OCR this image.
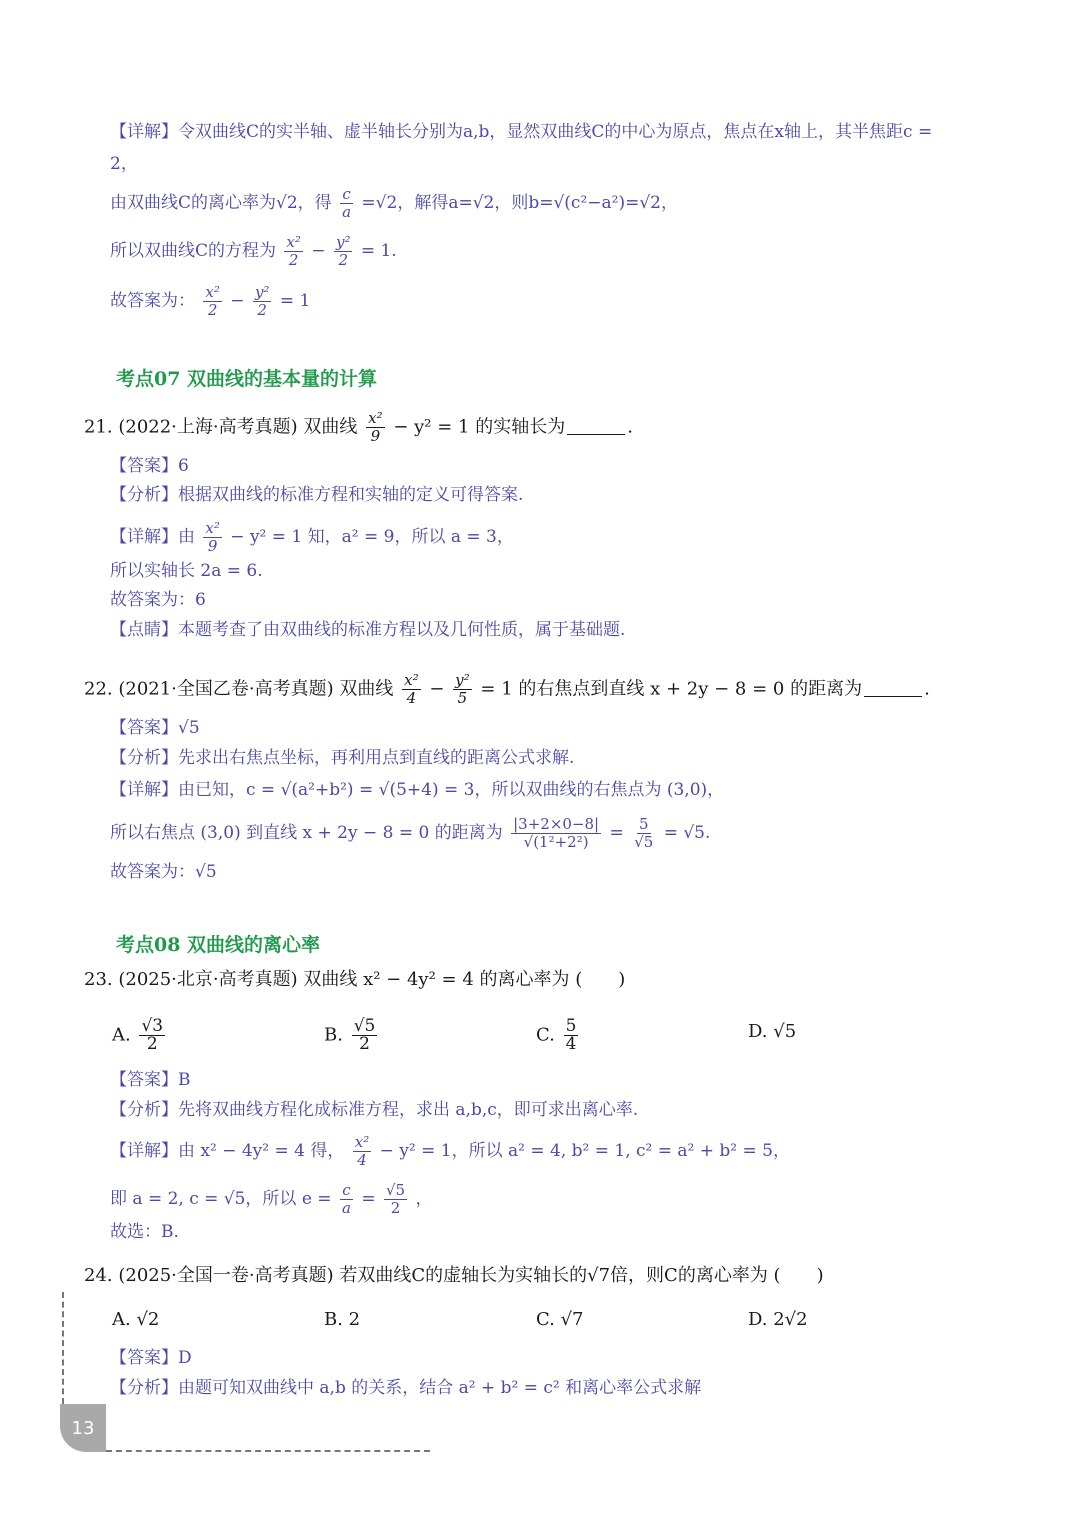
【详解】令双曲线C的实半轴、虚半轴长分别为a,b，显然双曲线C的中心为原点，焦点在x轴上，其半焦距c =
2，
由双曲线C的离心率为√2，得 $\frac{c}{a} =√2$，解得a=√2，则b=√(c²−a²)=√2，
所以双曲线C的方程为 $\frac{\text{x²}}{2} - \frac{\text{y²}}{2} = 1$.
故答案为： $\frac{\text{x²}}{2} - \frac{\text{y²}}{2} = 1$
考点07 双曲线的基本量的计算
21. (2022·上海·高考真题) 双曲线 $\frac{\text{x²}}{9} - y^2 = 1$ 的实轴长为	.
【答案】6
【分析】根据双曲线的标准方程和实轴的定义可得答案.
【详解】由 $\frac{\text{x²}}{9} - y^2 = 1$ 知，a² = 9，所以 a = 3，
所以实轴长 2a = 6.
故答案为：6
【点睛】本题考查了由双曲线的标准方程以及几何性质，属于基础题.
22. (2021·全国乙卷·高考真题) 双曲线 $\frac{\text{x²}}{4} - \frac{\text{y²}}{5} = 1$ 的右焦点到直线 x + 2y − 8 = 0 的距离为	.
【答案】√5
【分析】先求出右焦点坐标，再利用点到直线的距离公式求解.
【详解】由已知，c = √(a²+b²) = √(5+4) = 3，所以双曲线的右焦点为 (3,0)，
所以右焦点 (3,0) 到直线 x + 2y − 8 = 0 的距离为 $\frac{|3+2\times 0-8|}{\text{√(1²+2²)}} = \frac{5}{√5} = √5$.
故答案为：√5
考点08 双曲线的离心率
23. (2025·北京·高考真题) 双曲线 x² − 4y² = 4 的离心率为 (　　)
A. $\frac{√3}{2}$	B. $\frac{√5}{2}$	C. $\frac{5}{4}$	D. √5
【答案】B
【分析】先将双曲线方程化成标准方程，求出 a,b,c，即可求出离心率.
【详解】由 x² − 4y² = 4 得， $\frac{\text{x²}}{4} - y^2 = 1$，所以 a² = 4, b² = 1, c² = a² + b² = 5，
即 a = 2, c = √5，所以 $e = \frac{c}{a} = \frac{√5}{2}$ ，
故选：B.
24. (2025·全国一卷·高考真题) 若双曲线C的虚轴长为实轴长的√7倍，则C的离心率为 (　　)
A. √2	B. 2	C. √7	D. 2√2
【答案】D
【分析】由题可知双曲线中 a,b 的关系，结合 a² + b² = c² 和离心率公式求解
13
